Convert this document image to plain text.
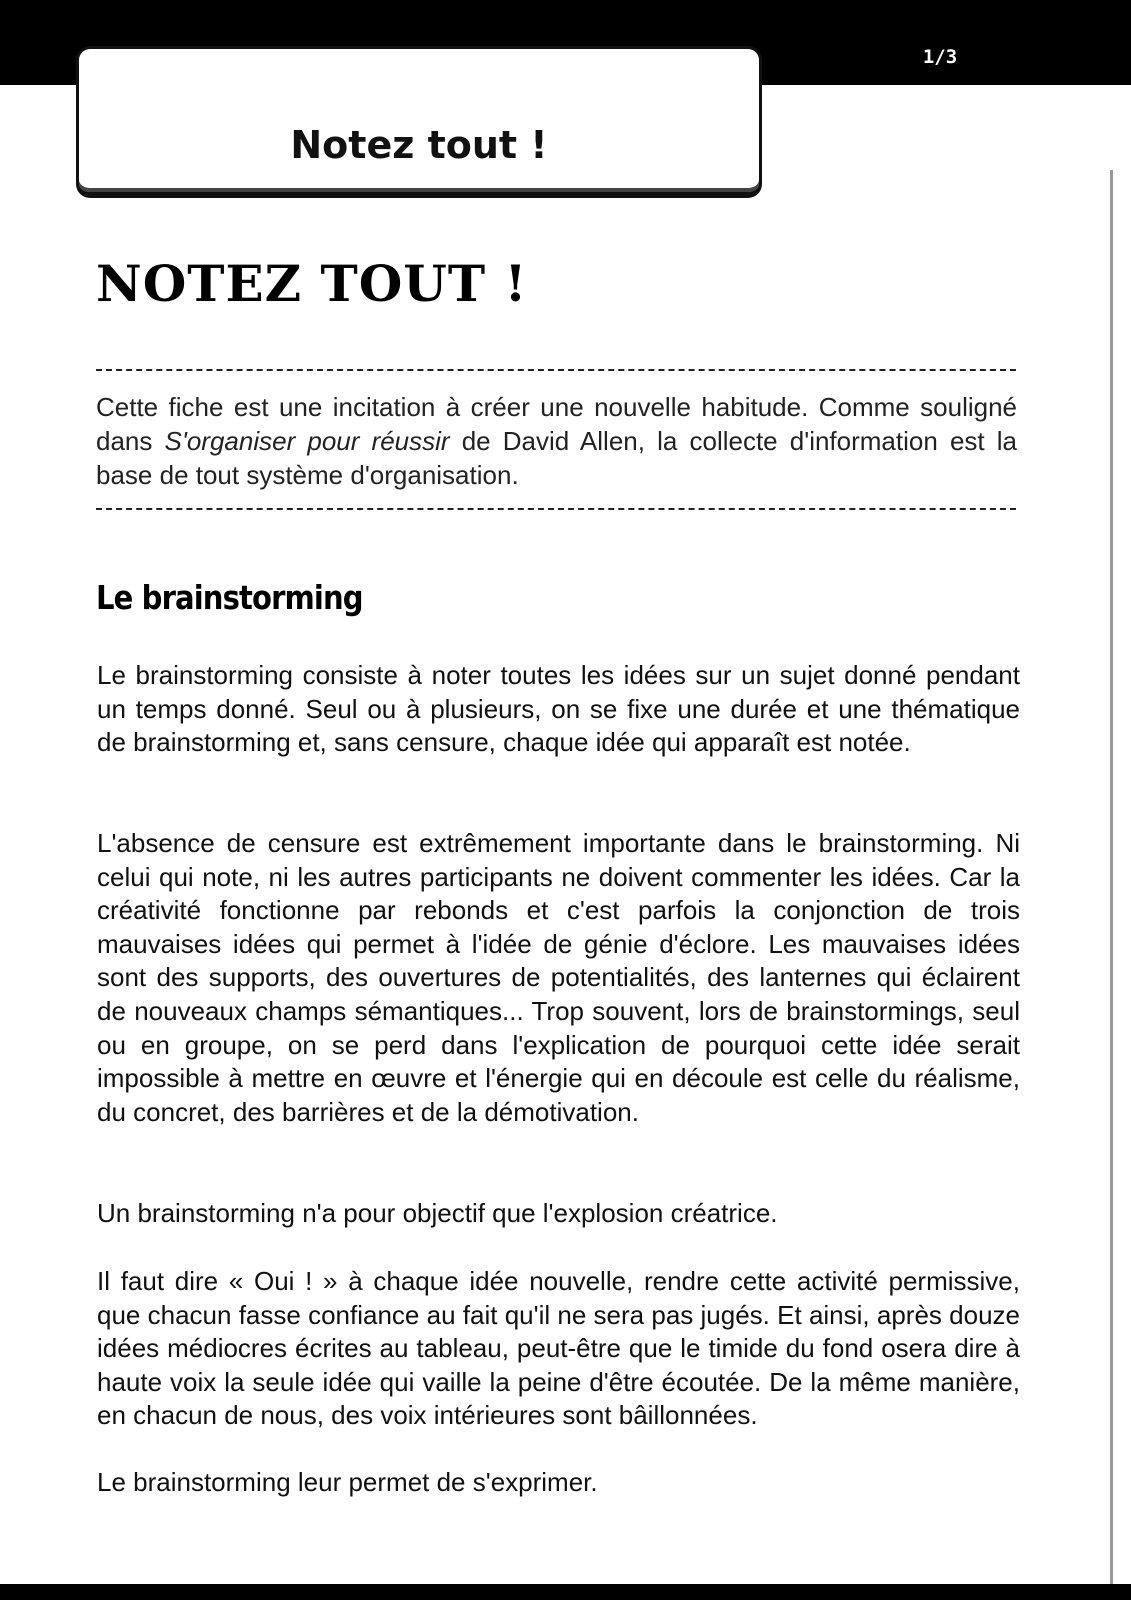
1/3
Notez tout !
NOTEZ TOUT !

Cette fiche est une incitation à créer une nouvelle habitude. Comme souligné dans S'organiser pour réussir de David Allen, la collecte d'information est la base de tout système d'organisation.

Le brainstorming

Le brainstorming consiste à noter toutes les idées sur un sujet donné pendant un temps donné. Seul ou à plusieurs, on se fixe une durée et une thématique de brainstorming et, sans censure, chaque idée qui apparaît est notée.

L'absence de censure est extrêmement importante dans le brainstorming. Ni celui qui note, ni les autres participants ne doivent commenter les idées. Car la créativité fonctionne par rebonds et c'est parfois la conjonction de trois mauvaises idées qui permet à l'idée de génie d'éclore. Les mauvaises idées sont des supports, des ouvertures de potentialités, des lanternes qui éclairent de nouveaux champs sémantiques... Trop souvent, lors de brainstormings, seul ou en groupe, on se perd dans l'explication de pourquoi cette idée serait impossible à mettre en œuvre et l'énergie qui en découle est celle du réalisme, du concret, des barrières et de la démotivation.

Un brainstorming n'a pour objectif que l'explosion créatrice.

Il faut dire « Oui ! » à chaque idée nouvelle, rendre cette activité permissive, que chacun fasse confiance au fait qu'il ne sera pas jugés. Et ainsi, après douze idées médiocres écrites au tableau, peut-être que le timide du fond osera dire à haute voix la seule idée qui vaille la peine d'être écoutée. De la même manière, en chacun de nous, des voix intérieures sont bâillonnées.

Le brainstorming leur permet de s'exprimer.
